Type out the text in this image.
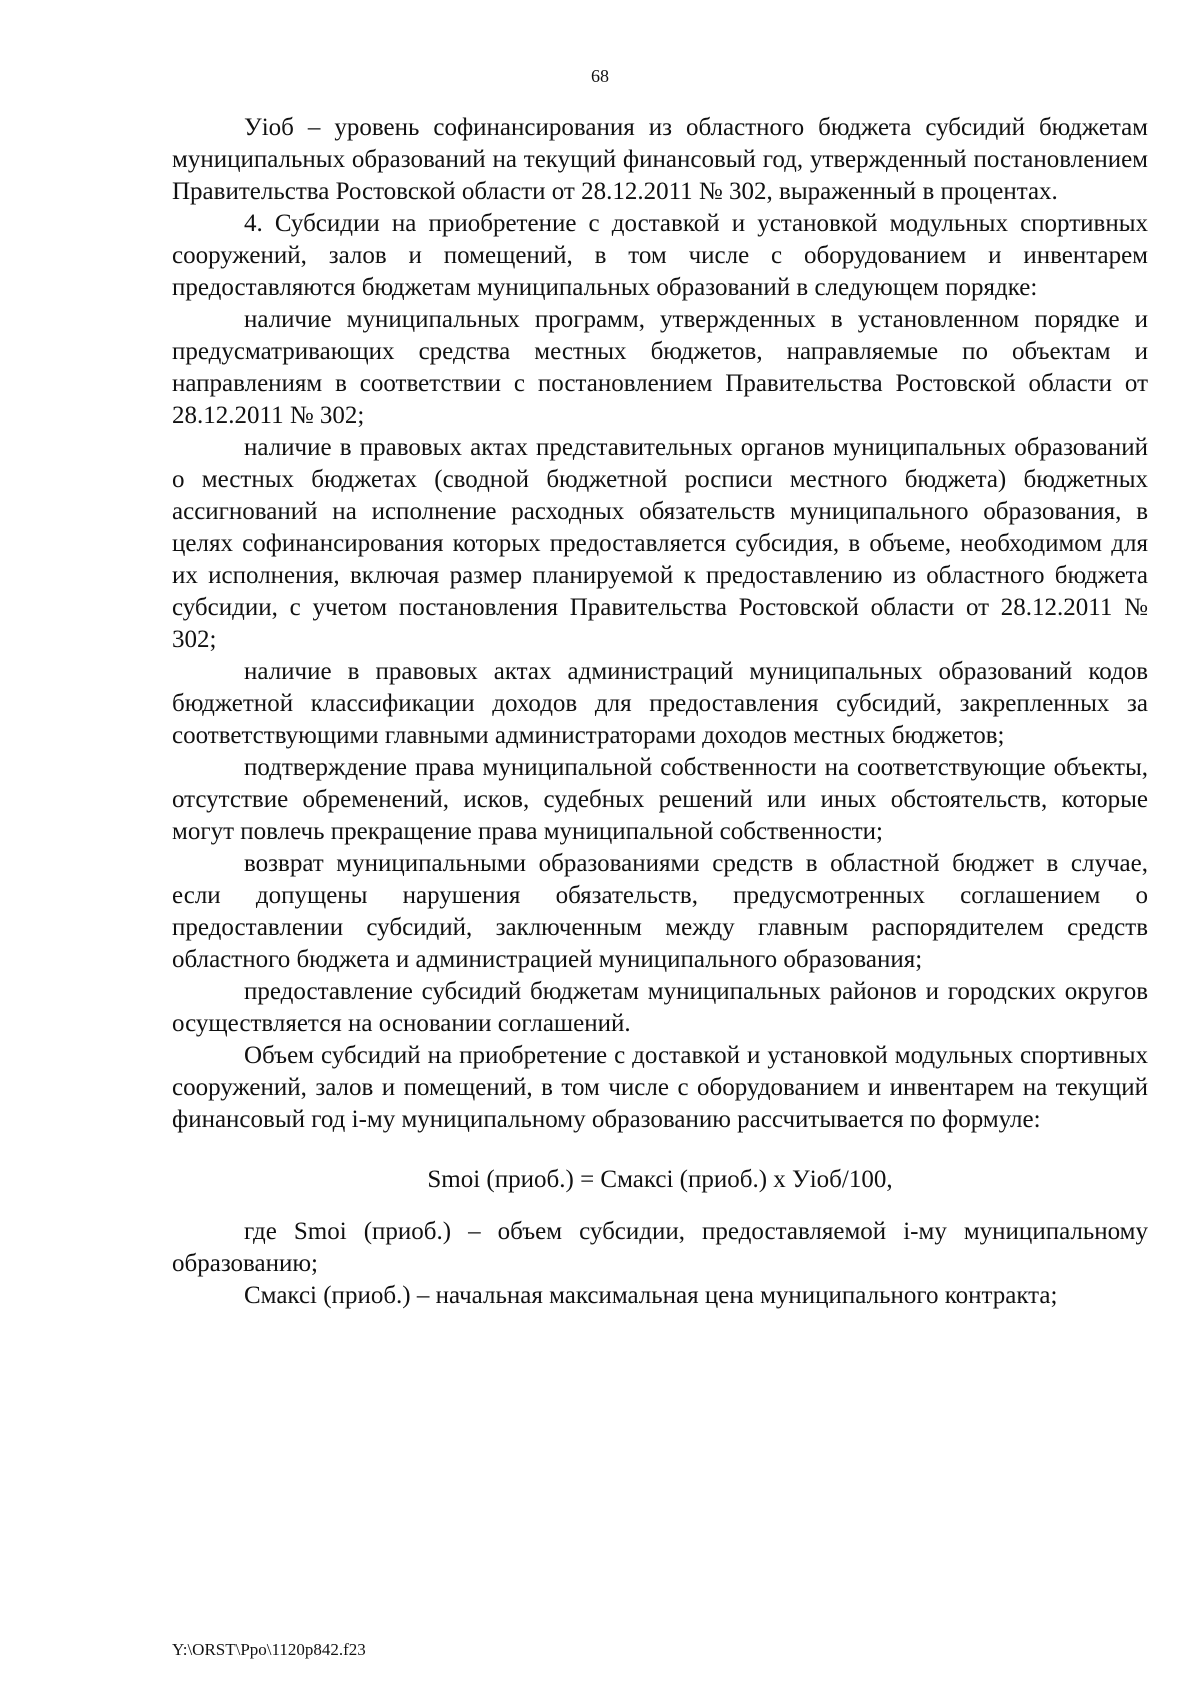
68

Уiоб – уровень софинансирования из областного бюджета субсидий бюджетам муниципальных образований на текущий финансовый год, утвержденный постановлением Правительства Ростовской области от 28.12.2011 № 302, выраженный в процентах.

4. Субсидии на приобретение с доставкой и установкой модульных спортивных сооружений, залов и помещений, в том числе с оборудованием и инвентарем предоставляются бюджетам муниципальных образований в следующем порядке:

наличие муниципальных программ, утвержденных в установленном порядке и предусматривающих средства местных бюджетов, направляемые по объектам и направлениям в соответствии с постановлением Правительства Ростовской области от 28.12.2011 № 302;

наличие в правовых актах представительных органов муниципальных образований о местных бюджетах (сводной бюджетной росписи местного бюджета) бюджетных ассигнований на исполнение расходных обязательств муниципального образования, в целях софинансирования которых предоставляется субсидия, в объеме, необходимом для их исполнения, включая размер планируемой к предоставлению из областного бюджета субсидии, с учетом постановления Правительства Ростовской области от 28.12.2011 № 302;

наличие в правовых актах администраций муниципальных образований кодов бюджетной классификации доходов для предоставления субсидий, закрепленных за соответствующими главными администраторами доходов местных бюджетов;

подтверждение права муниципальной собственности на соответствующие объекты, отсутствие обременений, исков, судебных решений или иных обстоятельств, которые могут повлечь прекращение права муниципальной собственности;

возврат муниципальными образованиями средств в областной бюджет в случае, если допущены нарушения обязательств, предусмотренных соглашением о предоставлении субсидий, заключенным между главным распорядителем средств областного бюджета и администрацией муниципального образования;

предоставление субсидий бюджетам муниципальных районов и городских округов осуществляется на основании соглашений.

Объем субсидий на приобретение с доставкой и установкой модульных спортивных сооружений, залов и помещений, в том числе с оборудованием и инвентарем на текущий финансовый год i-му муниципальному образованию рассчитывается по формуле:

Smoi (приоб.) = Смаксi (приоб.) х Уiоб/100,

где Smoi (приоб.) – объем субсидии, предоставляемой i-му муниципальному образованию;

Смаксi (приоб.) – начальная максимальная цена муниципального контракта;

Y:\ORST\Ppo\1120p842.f23
